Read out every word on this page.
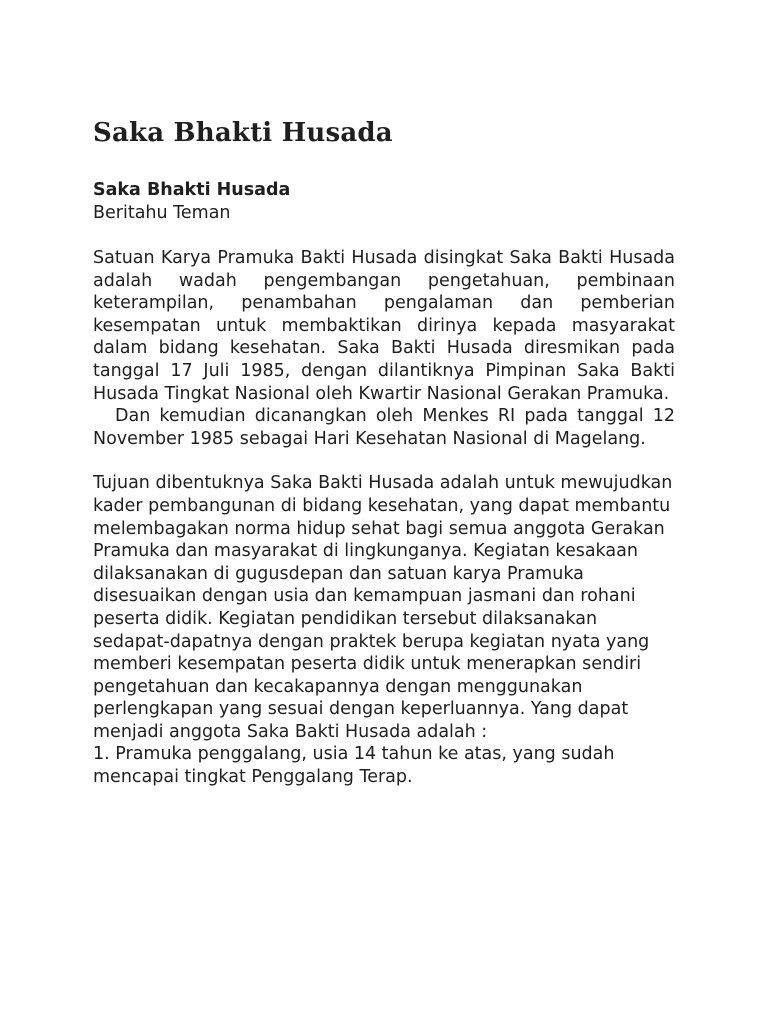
Saka Bhakti Husada
Saka Bhakti Husada
Beritahu Teman

Satuan Karya Pramuka Bakti Husada disingkat Saka Bakti Husada adalah wadah pengembangan pengetahuan, pembinaan keterampilan, penambahan pengalaman dan pemberian kesempatan untuk membaktikan dirinya kepada masyarakat dalam bidang kesehatan. Saka Bakti Husada diresmikan pada tanggal 17 Juli 1985, dengan dilantiknya Pimpinan Saka Bakti Husada Tingkat Nasional oleh Kwartir Nasional Gerakan Pramuka.

Dan kemudian dicanangkan oleh Menkes RI pada tanggal 12 November 1985 sebagai Hari Kesehatan Nasional di Magelang.

Tujuan dibentuknya Saka Bakti Husada adalah untuk mewujudkan kader pembangunan di bidang kesehatan, yang dapat membantu melembagakan norma hidup sehat bagi semua anggota Gerakan Pramuka dan masyarakat di lingkunganya. Kegiatan kesakaan dilaksanakan di gugusdepan dan satuan karya Pramuka disesuaikan dengan usia dan kemampuan jasmani dan rohani peserta didik. Kegiatan pendidikan tersebut dilaksanakan sedapat-dapatnya dengan praktek berupa kegiatan nyata yang memberi kesempatan peserta didik untuk menerapkan sendiri pengetahuan dan kecakapannya dengan menggunakan perlengkapan yang sesuai dengan keperluannya. Yang dapat menjadi anggota Saka Bakti Husada adalah :

1. Pramuka penggalang, usia 14 tahun ke atas, yang sudah mencapai tingkat Penggalang Terap.
